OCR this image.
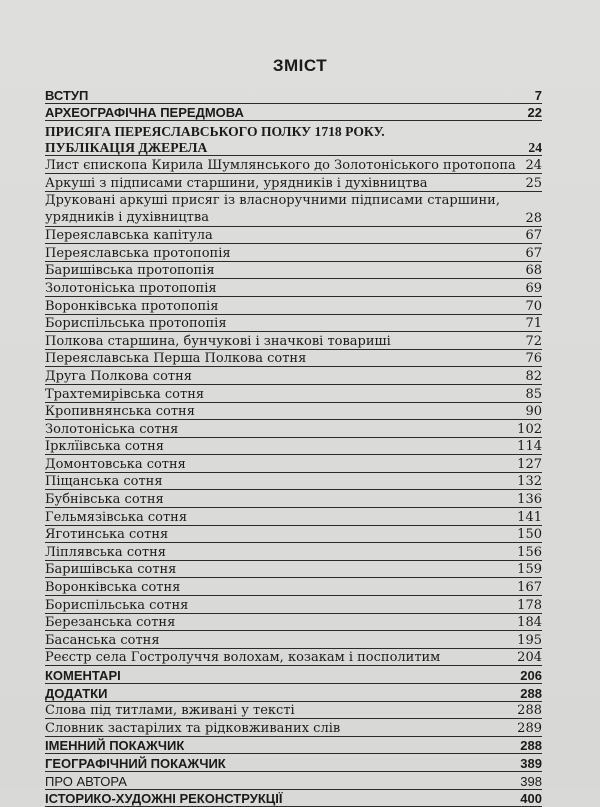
ЗМІСТ
ВСТУП	7
АРХЕОГРАФІЧНА ПЕРЕДМОВА	22
ПРИСЯГА ПЕРЕЯСЛАВСЬКОГО ПОЛКУ 1718 РОКУ.
ПУБЛІКАЦІЯ ДЖЕРЕЛА	24
Лист єпископа Кирила Шумлянського до Золотоніського протопопа 24
Аркуші з підписами старшини, урядників і духівництва	25
Друковані аркуші присяг із власноручними підписами старшини, урядників і духівництва	28
Переяславська капітула	67
Переяславська протопопія	67
Баришівська протопопія	68
Золотоніська протопопія	69
Воронківська протопопія	70
Бориспільська протопопія	71
Полкова старшина, бунчукові і значкові товариші	72
Переяславська Перша Полкова сотня	76
Друга Полкова сотня	82
Трахтемирівська сотня	85
Кропивнянська сотня	90
Золотоніська сотня	102
Ірклїівська сотня	114
Домонтовська сотня	127
Піщанська сотня	132
Бубнівська сотня	136
Гельмязівська сотня	141
Яготинська сотня	150
Ліплявська сотня	156
Баришівська сотня	159
Воронківська сотня	167
Бориспільська сотня	178
Березанська сотня	184
Басанська сотня	195
Реєстр села Гостролуччя волохам, козакам і посполитим	204
КОМЕНТАРІ	206
ДОДАТКИ	288
Слова під титлами, вживані у тексті	288
Словник застарілих та рідковживаних слів	289
ІМЕННИЙ ПОКАЖЧИК	288
ГЕОГРАФІЧНИЙ ПОКАЖЧИК	389
ПРО АВТОРА	398
ІСТОРИКО-ХУДОЖНІ РЕКОНСТРУКЦІЇ	400
